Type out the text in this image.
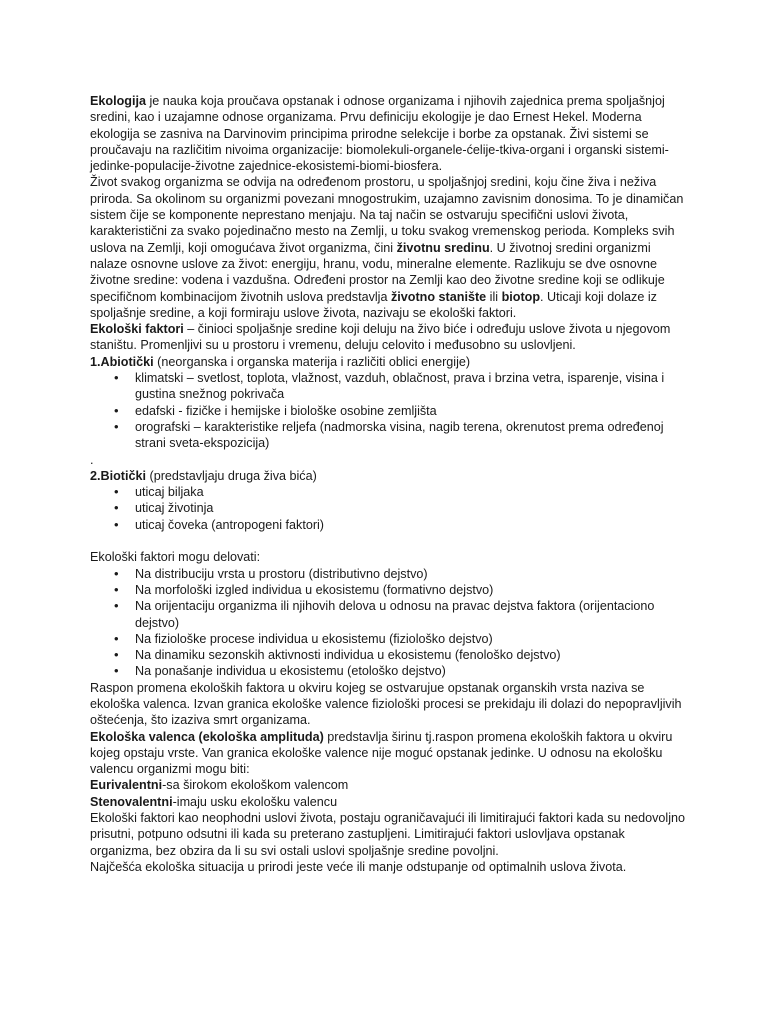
Ekologija je nauka koja proučava opstanak i odnose organizama i njihovih zajednica prema spoljašnjoj sredini, kao i uzajamne odnose organizama. Prvu definiciju ekologije je dao Ernest Hekel. Moderna ekologija se zasniva na Darvinovim principima prirodne selekcije i borbe za opstanak. Živi sistemi se proučavaju na različitim nivoima organizacije: biomolekuli-organele-ćelije-tkiva-organi i organski sistemi-jedinke-populacije-životne zajednice-ekosistemi-biomi-biosfera.

Život svakog organizma se odvija na određenom prostoru, u spoljašnjoj sredini, koju čine živa i neživa priroda. Sa okolinom su organizmi povezani mnogostrukim, uzajamno zavisnim donosima. To je dinamičan sistem čije se komponente neprestano menjaju. Na taj način se ostvaruju specifični uslovi života, karakteristični za svako pojedinačno mesto na Zemlji, u toku svakog vremenskog perioda. Kompleks svih uslova na Zemlji, koji omogućava život organizma, čini životnu sredinu. U životnoj sredini organizmi nalaze osnovne uslove za život: energiju, hranu, vodu, mineralne elemente. Razlikuju se dve osnovne životne sredine: vodena i vazdušna. Određeni prostor na Zemlji kao deo životne sredine koji se odlikuje specifičnom kombinacijom životnih uslova predstavlja životno stanište ili biotop. Uticaji koji dolaze iz spoljašnje sredine, a koji formiraju uslove života, nazivaju se ekološki faktori.

Ekološki faktori – činioci spoljašnje sredine koji deluju na živo biće i određuju uslove života u njegovom staništu. Promenljivi su u prostoru i vremenu, deluju celovito i međusobno su uslovljeni.

1.Abiotički (neorganska i organska materija i različiti oblici energije)

• klimatski – svetlost, toplota, vlažnost, vazduh, oblačnost, prava i brzina vetra, isparenje, visina i gustina snežnog pokrivača
• edafski - fizičke i hemijske i biološke osobine zemljišta
• orografski – karakteristike reljefa (nadmorska visina, nagib terena, okrenutost prema određenoj strani sveta-ekspozicija)

.

2.Biotički (predstavljaju druga živa bića)

• uticaj biljaka
• uticaj životinja
• uticaj čoveka (antropogeni faktori)

Ekološki faktori mogu delovati:

• Na distribuciju vrsta u prostoru (distributivno dejstvo)
• Na morfološki izgled individua u ekosistemu (formativno dejstvo)
• Na orijentaciju organizma ili njihovih delova u odnosu na pravac dejstva faktora (orijentaciono dejstvo)
• Na fiziološke procese individua u ekosistemu (fiziološko dejstvo)
• Na dinamiku sezonskih aktivnosti individua u ekosistemu (fenološko dejstvo)
• Na ponašanje individua u ekosistemu (etološko dejstvo)

Raspon promena ekoloških faktora u okviru kojeg se ostvarujue opstanak organskih vrsta naziva se ekološka valenca. Izvan granica ekološke valence fiziološki procesi se prekidaju ili dolazi do nepopravljivih oštećenja, što izaziva smrt organizama.

Ekološka valenca (ekološka amplituda) predstavlja širinu tj.raspon promena ekoloških faktora u okviru kojeg opstaju vrste. Van granica ekološke valence nije moguć opstanak jedinke. U odnosu na ekološku valencu organizmi mogu biti:

Eurivalentni-sa širokom ekološkom valencom

Stenovalentni-imaju usku ekološku valencu

Ekološki faktori kao neophodni uslovi života, postaju ograničavajući ili limitirajući faktori kada su nedovoljno prisutni, potpuno odsutni ili kada su preterano zastupljeni. Limitirajući faktori uslovljava opstanak organizma, bez obzira da li su svi ostali uslovi spoljašnje sredine povoljni.

Najčešća ekološka situacija u prirodi jeste veće ili manje odstupanje od optimalnih uslova života.
